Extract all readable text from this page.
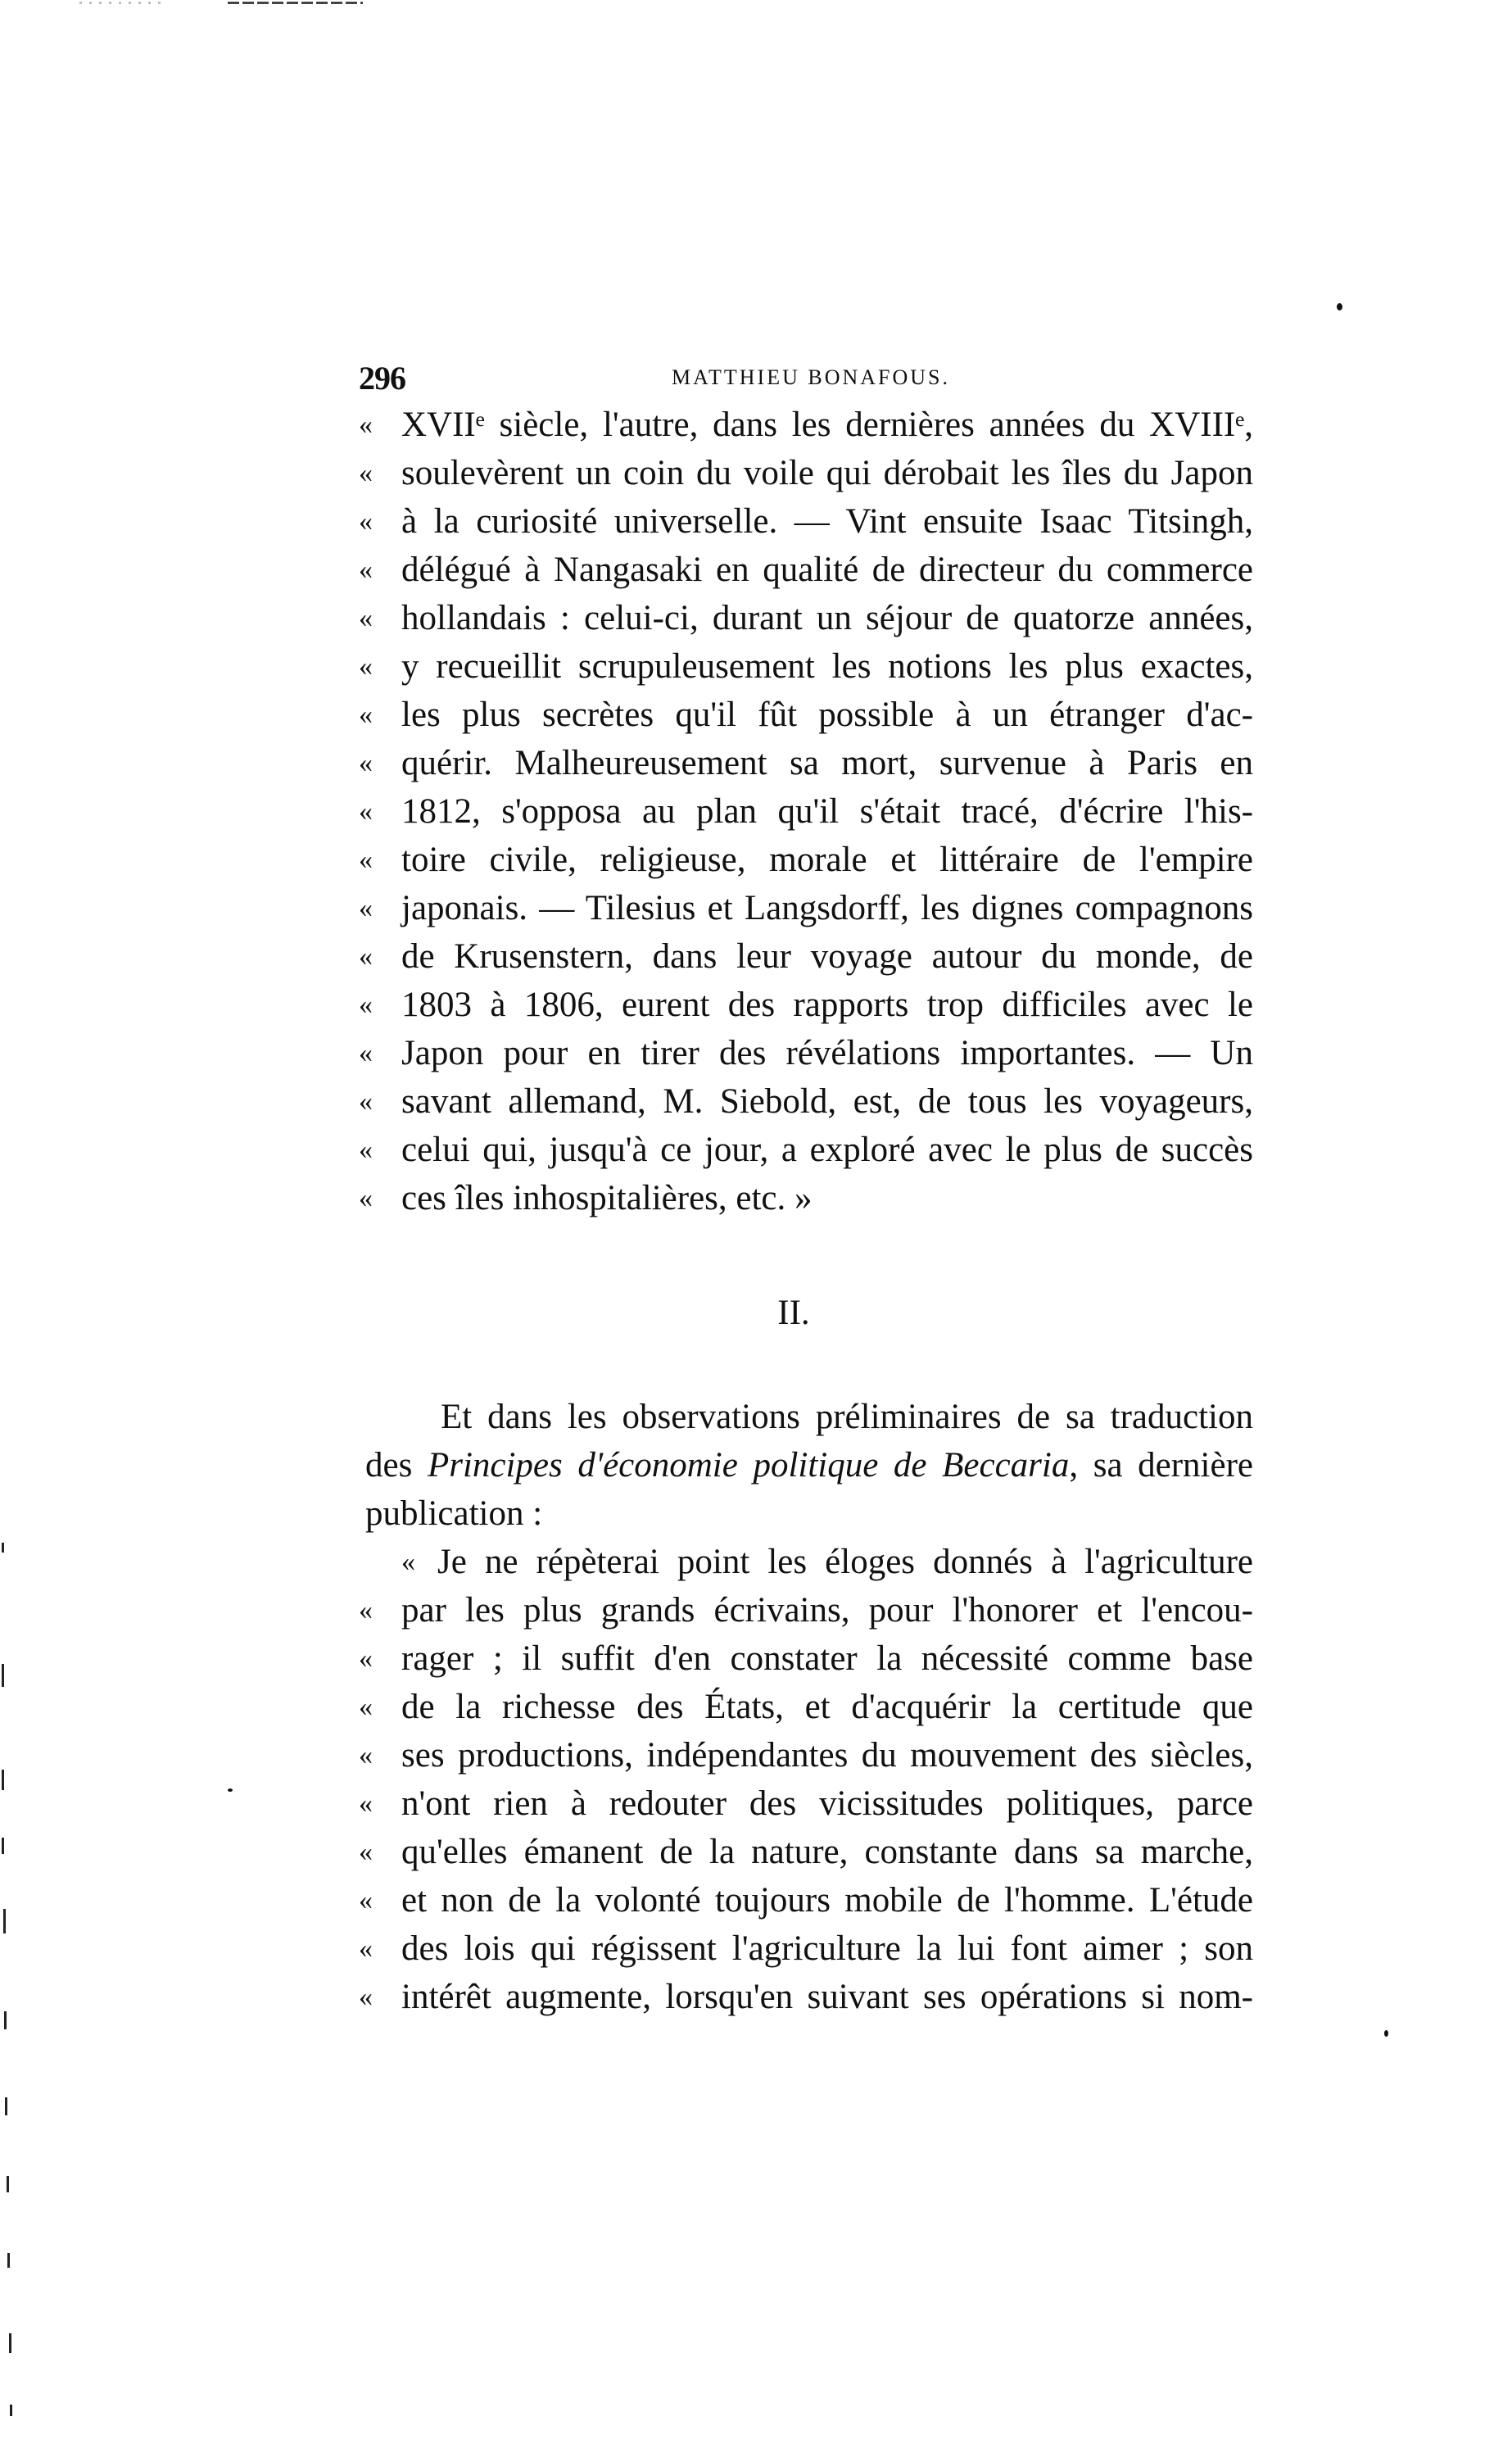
296	MATTHIEU BONAFOUS.
« XVIIᵉ siècle, l'autre, dans les dernières années du XVIIIᵉ,
« soulevèrent un coin du voile qui dérobait les îles du Japon
« à la curiosité universelle. — Vint ensuite Isaac Titsingh,
« délégué à Nangasaki en qualité de directeur du commerce
« hollandais : celui-ci, durant un séjour de quatorze années,
« y recueillit scrupuleusement les notions les plus exactes,
« les plus secrètes qu'il fût possible à un étranger d'ac-
« quérir. Malheureusement sa mort, survenue à Paris en
« 1812, s'opposa au plan qu'il s'était tracé, d'écrire l'his-
« toire civile, religieuse, morale et littéraire de l'empire
« japonais. — Tilesius et Langsdorff, les dignes compagnons
« de Krusenstern, dans leur voyage autour du monde, de
« 1803 à 1806, eurent des rapports trop difficiles avec le
« Japon pour en tirer des révélations importantes. — Un
« savant allemand, M. Siebold, est, de tous les voyageurs,
« celui qui, jusqu'à ce jour, a exploré avec le plus de succès
« ces îles inhospitalières, etc. »
II.
Et dans les observations préliminaires de sa traduction
des Principes d'économie politique de Beccaria, sa dernière
publication :
« Je ne répèterai point les éloges donnés à l'agriculture
« par les plus grands écrivains, pour l'honorer et l'encou-
« rager ; il suffit d'en constater la nécessité comme base
« de la richesse des États, et d'acquérir la certitude que
« ses productions, indépendantes du mouvement des siècles,
« n'ont rien à redouter des vicissitudes politiques, parce
« qu'elles émanent de la nature, constante dans sa marche,
« et non de la volonté toujours mobile de l'homme. L'étude
« des lois qui régissent l'agriculture la lui font aimer ; son
« intérêt augmente, lorsqu'en suivant ses opérations si nom-
